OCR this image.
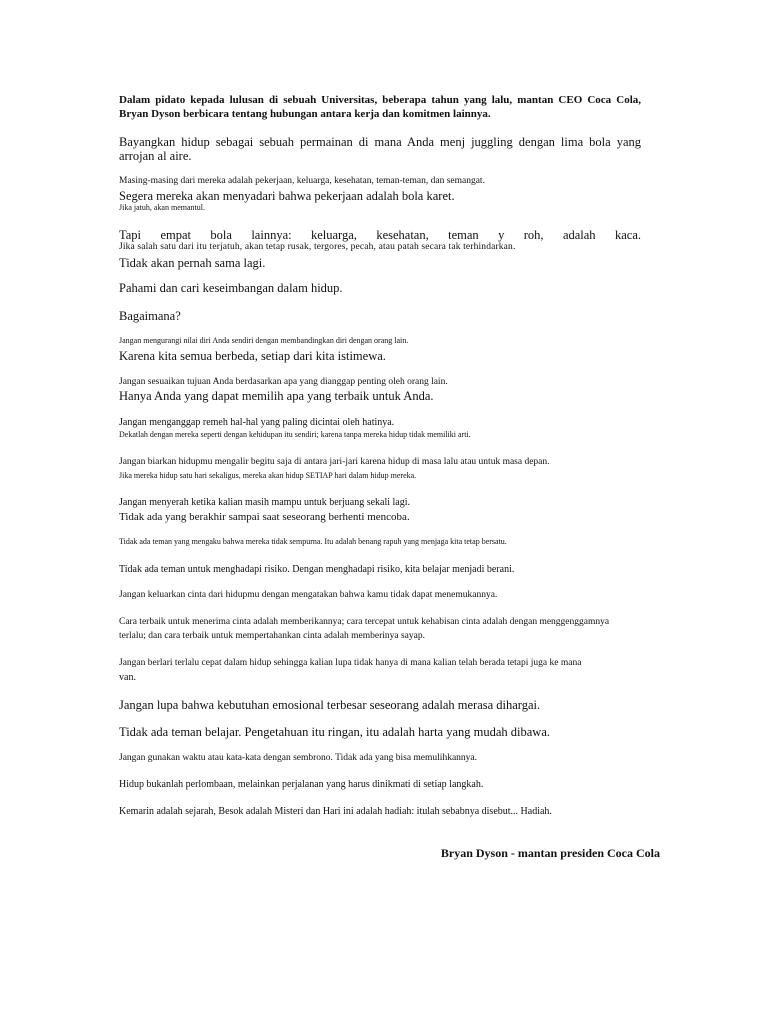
Dalam pidato kepada lulusan di sebuah Universitas, beberapa tahun yang lalu, mantan CEO Coca Cola,

Bryan Dyson berbicara tentang hubungan antara kerja dan komitmen lainnya.

Bayangkan hidup sebagai sebuah permainan di mana Anda menj juggling dengan lima bola yang

arrojan al aire.

Masing-masing dari mereka adalah pekerjaan, keluarga, kesehatan, teman-teman, dan semangat.

Segera mereka akan menyadari bahwa pekerjaan adalah bola karet.

Jika jatuh, akan memantul.

Tapi empat bola lainnya: keluarga, kesehatan, teman y roh, adalah kaca.

Jika salah satu dari itu terjatuh, akan tetap rusak, tergores, pecah, atau patah secara tak terhindarkan.

Tidak akan pernah sama lagi.

Pahami dan cari keseimbangan dalam hidup.

Bagaimana?

Jangan mengurangi nilai diri Anda sendiri dengan membandingkan diri dengan orang lain.

Karena kita semua berbeda, setiap dari kita istimewa.

Jangan sesuaikan tujuan Anda berdasarkan apa yang dianggap penting oleh orang lain.

Hanya Anda yang dapat memilih apa yang terbaik untuk Anda.

Jangan menganggap remeh hal-hal yang paling dicintai oleh hatinya.

Dekatlah dengan mereka seperti dengan kehidupan itu sendiri; karena tanpa mereka hidup tidak memiliki arti.

Jangan biarkan hidupmu mengalir begitu saja di antara jari-jari karena hidup di masa lalu atau untuk masa depan.

Jika mereka hidup satu hari sekaligus, mereka akan hidup SETIAP hari dalam hidup mereka.

Jangan menyerah ketika kalian masih mampu untuk berjuang sekali lagi.

Tidak ada yang berakhir sampai saat seseorang berhenti mencoba.

Tidak ada teman yang mengaku bahwa mereka tidak sempurna. Itu adalah benang rapuh yang menjaga kita tetap bersatu.

Tidak ada teman untuk menghadapi risiko. Dengan menghadapi risiko, kita belajar menjadi berani.

Jangan keluarkan cinta dari hidupmu dengan mengatakan bahwa kamu tidak dapat menemukannya.

Cara terbaik untuk menerima cinta adalah memberikannya; cara tercepat untuk kehabisan cinta adalah dengan menggenggamnya

terlalu; dan cara terbaik untuk mempertahankan cinta adalah memberinya sayap.

Jangan berlari terlalu cepat dalam hidup sehingga kalian lupa tidak hanya di mana kalian telah berada tetapi juga ke mana

van.

Jangan lupa bahwa kebutuhan emosional terbesar seseorang adalah merasa dihargai.

Tidak ada teman belajar. Pengetahuan itu ringan, itu adalah harta yang mudah dibawa.

Jangan gunakan waktu atau kata-kata dengan sembrono. Tidak ada yang bisa memulihkannya.

Hidup bukanlah perlombaan, melainkan perjalanan yang harus dinikmati di setiap langkah.

Kemarin adalah sejarah, Besok adalah Misteri dan Hari ini adalah hadiah: itulah sebabnya disebut... Hadiah.

Bryan Dyson - mantan presiden Coca Cola
